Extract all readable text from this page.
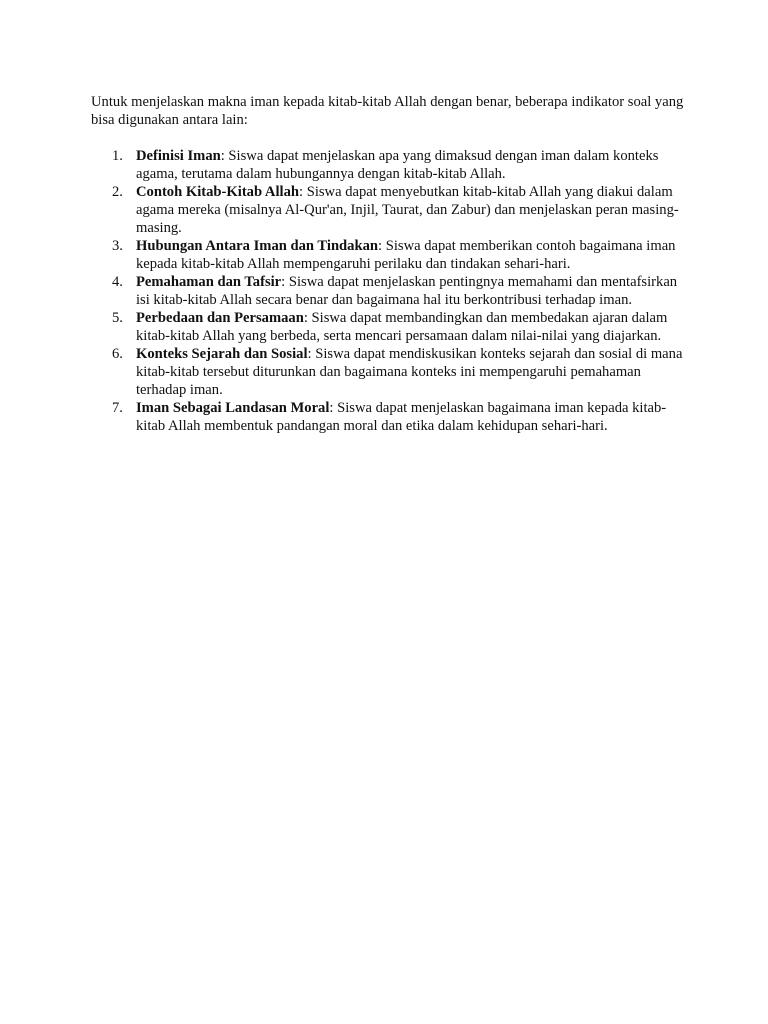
Untuk menjelaskan makna iman kepada kitab-kitab Allah dengan benar, beberapa indikator soal yang bisa digunakan antara lain:

1. Definisi Iman: Siswa dapat menjelaskan apa yang dimaksud dengan iman dalam konteks agama, terutama dalam hubungannya dengan kitab-kitab Allah.
2. Contoh Kitab-Kitab Allah: Siswa dapat menyebutkan kitab-kitab Allah yang diakui dalam agama mereka (misalnya Al-Qur'an, Injil, Taurat, dan Zabur) dan menjelaskan peran masing-masing.
3. Hubungan Antara Iman dan Tindakan: Siswa dapat memberikan contoh bagaimana iman kepada kitab-kitab Allah mempengaruhi perilaku dan tindakan sehari-hari.
4. Pemahaman dan Tafsir: Siswa dapat menjelaskan pentingnya memahami dan mentafsirkan isi kitab-kitab Allah secara benar dan bagaimana hal itu berkontribusi terhadap iman.
5. Perbedaan dan Persamaan: Siswa dapat membandingkan dan membedakan ajaran dalam kitab-kitab Allah yang berbeda, serta mencari persamaan dalam nilai-nilai yang diajarkan.
6. Konteks Sejarah dan Sosial: Siswa dapat mendiskusikan konteks sejarah dan sosial di mana kitab-kitab tersebut diturunkan dan bagaimana konteks ini mempengaruhi pemahaman terhadap iman.
7. Iman Sebagai Landasan Moral: Siswa dapat menjelaskan bagaimana iman kepada kitab-kitab Allah membentuk pandangan moral dan etika dalam kehidupan sehari-hari.
